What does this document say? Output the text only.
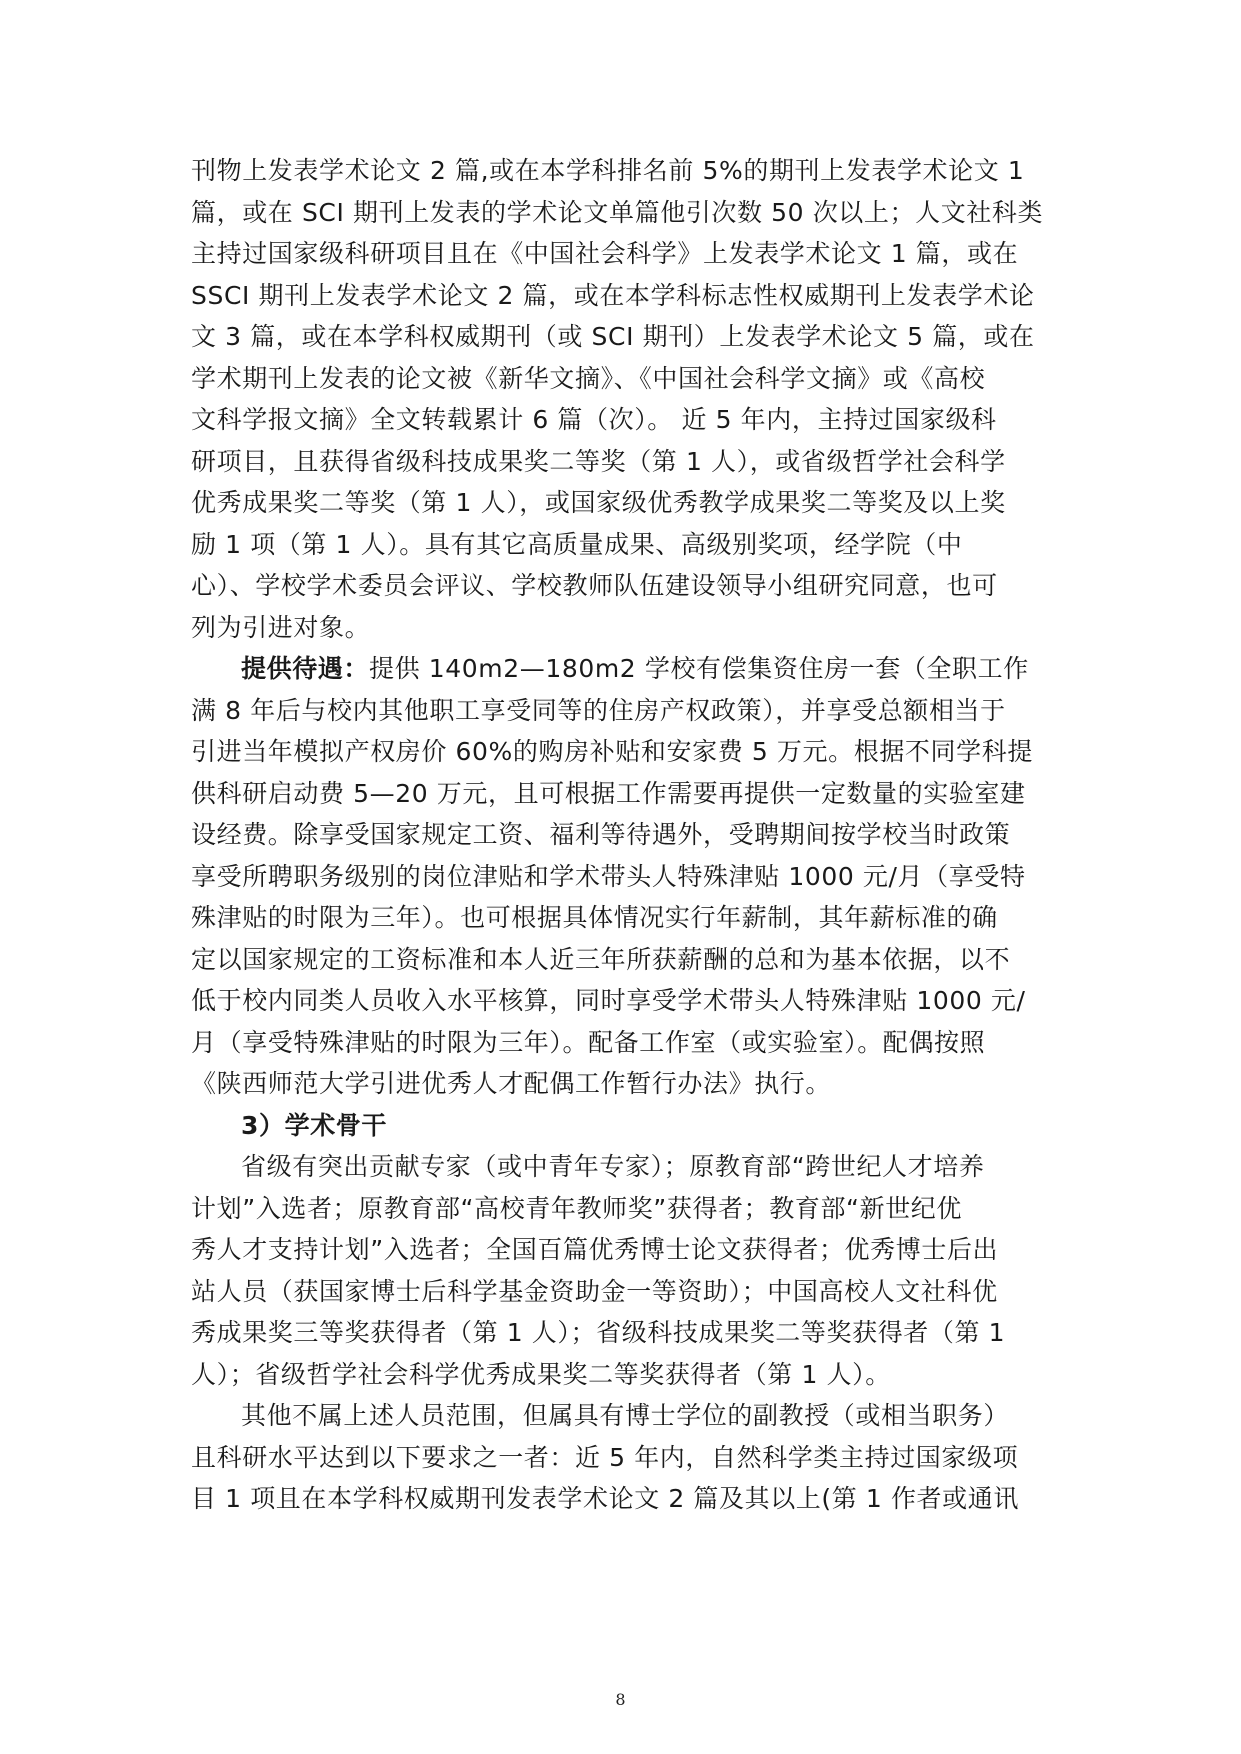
刊物上发表学术论文 2 篇,或在本学科排名前 5%的期刊上发表学术论文 1
篇，或在 SCI 期刊上发表的学术论文单篇他引次数 50 次以上；人文社科类
主持过国家级科研项目且在《中国社会科学》上发表学术论文 1 篇，或在
SSCI 期刊上发表学术论文 2 篇，或在本学科标志性权威期刊上发表学术论
文 3 篇，或在本学科权威期刊（或 SCI 期刊）上发表学术论文 5 篇，或在
学术期刊上发表的论文被《新华文摘》、《中国社会科学文摘》或《高校
文科学报文摘》全文转载累计 6 篇（次）。 近 5 年内，主持过国家级科
研项目，且获得省级科技成果奖二等奖（第 1 人），或省级哲学社会科学
优秀成果奖二等奖（第 1 人），或国家级优秀教学成果奖二等奖及以上奖
励 1 项（第 1 人）。具有其它高质量成果、高级别奖项，经学院（中
心）、学校学术委员会评议、学校教师队伍建设领导小组研究同意，也可
列为引进对象。
提供待遇：提供 140m2—180m2 学校有偿集资住房一套（全职工作
满 8 年后与校内其他职工享受同等的住房产权政策），并享受总额相当于
引进当年模拟产权房价 60%的购房补贴和安家费 5 万元。根据不同学科提
供科研启动费 5—20 万元，且可根据工作需要再提供一定数量的实验室建
设经费。除享受国家规定工资、福利等待遇外，受聘期间按学校当时政策
享受所聘职务级别的岗位津贴和学术带头人特殊津贴 1000 元/月（享受特
殊津贴的时限为三年）。也可根据具体情况实行年薪制，其年薪标准的确
定以国家规定的工资标准和本人近三年所获薪酬的总和为基本依据，以不
低于校内同类人员收入水平核算，同时享受学术带头人特殊津贴 1000 元/
月（享受特殊津贴的时限为三年）。配备工作室（或实验室）。配偶按照
《陕西师范大学引进优秀人才配偶工作暂行办法》执行。
3）学术骨干
省级有突出贡献专家（或中青年专家）；原教育部“跨世纪人才培养
计划”入选者；原教育部“高校青年教师奖”获得者；教育部“新世纪优
秀人才支持计划”入选者；全国百篇优秀博士论文获得者；优秀博士后出
站人员（获国家博士后科学基金资助金一等资助）；中国高校人文社科优
秀成果奖三等奖获得者（第 1 人）；省级科技成果奖二等奖获得者（第 1
人）；省级哲学社会科学优秀成果奖二等奖获得者（第 1 人）。
其他不属上述人员范围，但属具有博士学位的副教授（或相当职务）
且科研水平达到以下要求之一者：近 5 年内，自然科学类主持过国家级项
目 1 项且在本学科权威期刊发表学术论文 2 篇及其以上(第 1 作者或通讯
8
